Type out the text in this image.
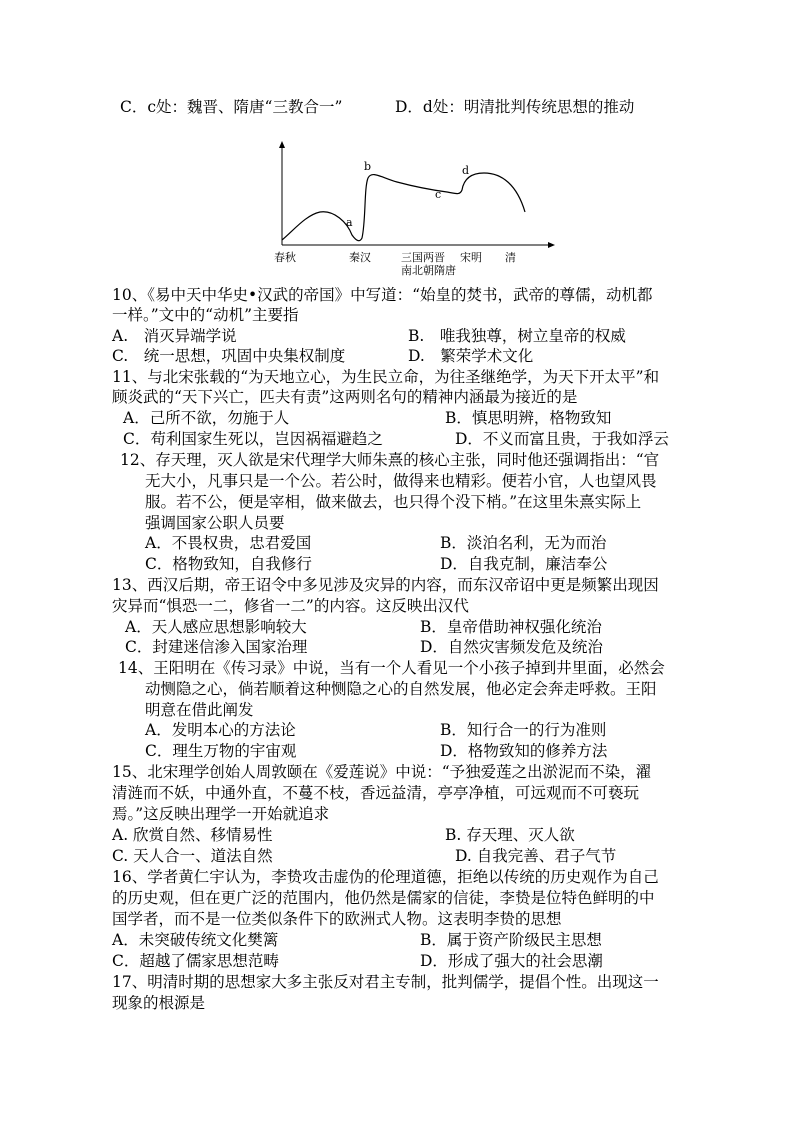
C．c处：魏晋、隋唐“三教合一”	D．d处：明清批判传统思想的推动
a
b
c
d
春秋	秦汉	三国两晋
南北朝隋唐
宋明 清
10、《易中天中华史•汉武的帝国》中写道：“始皇的焚书，武帝的尊儒，动机都
一样。”文中的“动机”主要指
A.　消灭异端学说	B.　唯我独尊，树立皇帝的权威
C.　统一思想，巩固中央集权制度	D.　繁荣学术文化
11、与北宋张载的“为天地立心，为生民立命，为往圣继绝学，为天下开太平”和
顾炎武的“天下兴亡，匹夫有责”这两则名句的精神内涵最为接近的是
A．己所不欲，勿施于人	B．慎思明辨，格物致知
C．苟利国家生死以，岂因祸福避趋之	D．不义而富且贵，于我如浮云
12、存天理，灭人欲是宋代理学大师朱熹的核心主张，同时他还强调指出：“官
无大小，凡事只是一个公。若公时，做得来也精彩。便若小官，人也望风畏
服。若不公，便是宰相，做来做去，也只得个没下梢。”在这里朱熹实际上
强调国家公职人员要
A．不畏权贵，忠君爱国	B．淡泊名利，无为而治
C．格物致知，自我修行	D．自我克制，廉洁奉公
13、西汉后期，帝王诏令中多见涉及灾异的内容，而东汉帝诏中更是频繁出现因
灾异而“惧恐一二，修省一二”的内容。这反映出汉代
A．天人感应思想影响较大	B．皇帝借助神权强化统治
C．封建迷信渗入国家治理	D．自然灾害频发危及统治
14、王阳明在《传习录》中说，当有一个人看见一个小孩子掉到井里面，必然会
动恻隐之心，倘若顺着这种恻隐之心的自然发展，他必定会奔走呼救。王阳
明意在借此阐发
A．发明本心的方法论	B．知行合一的行为准则
C．理生万物的宇宙观	D．格物致知的修养方法
15、北宋理学创始人周敦颐在《爱莲说》中说：“予独爱莲之出淤泥而不染，濯
清涟而不妖，中通外直，不蔓不枝，香远益清，亭亭净植，可远观而不可亵玩
焉。”这反映出理学一开始就追求
A. 欣赏自然、移情易性	B. 存天理、灭人欲
C. 天人合一、道法自然	D. 自我完善、君子气节
16、学者黄仁宇认为，李贽攻击虚伪的伦理道德，拒绝以传统的历史观作为自己
的历史观，但在更广泛的范围内，他仍然是儒家的信徒，李贽是位特色鲜明的中
国学者，而不是一位类似条件下的欧洲式人物。这表明李贽的思想
A．未突破传统文化樊篱	B．属于资产阶级民主思想
C．超越了儒家思想范畴	D．形成了强大的社会思潮
17、明清时期的思想家大多主张反对君主专制，批判儒学，提倡个性。出现这一
现象的根源是
